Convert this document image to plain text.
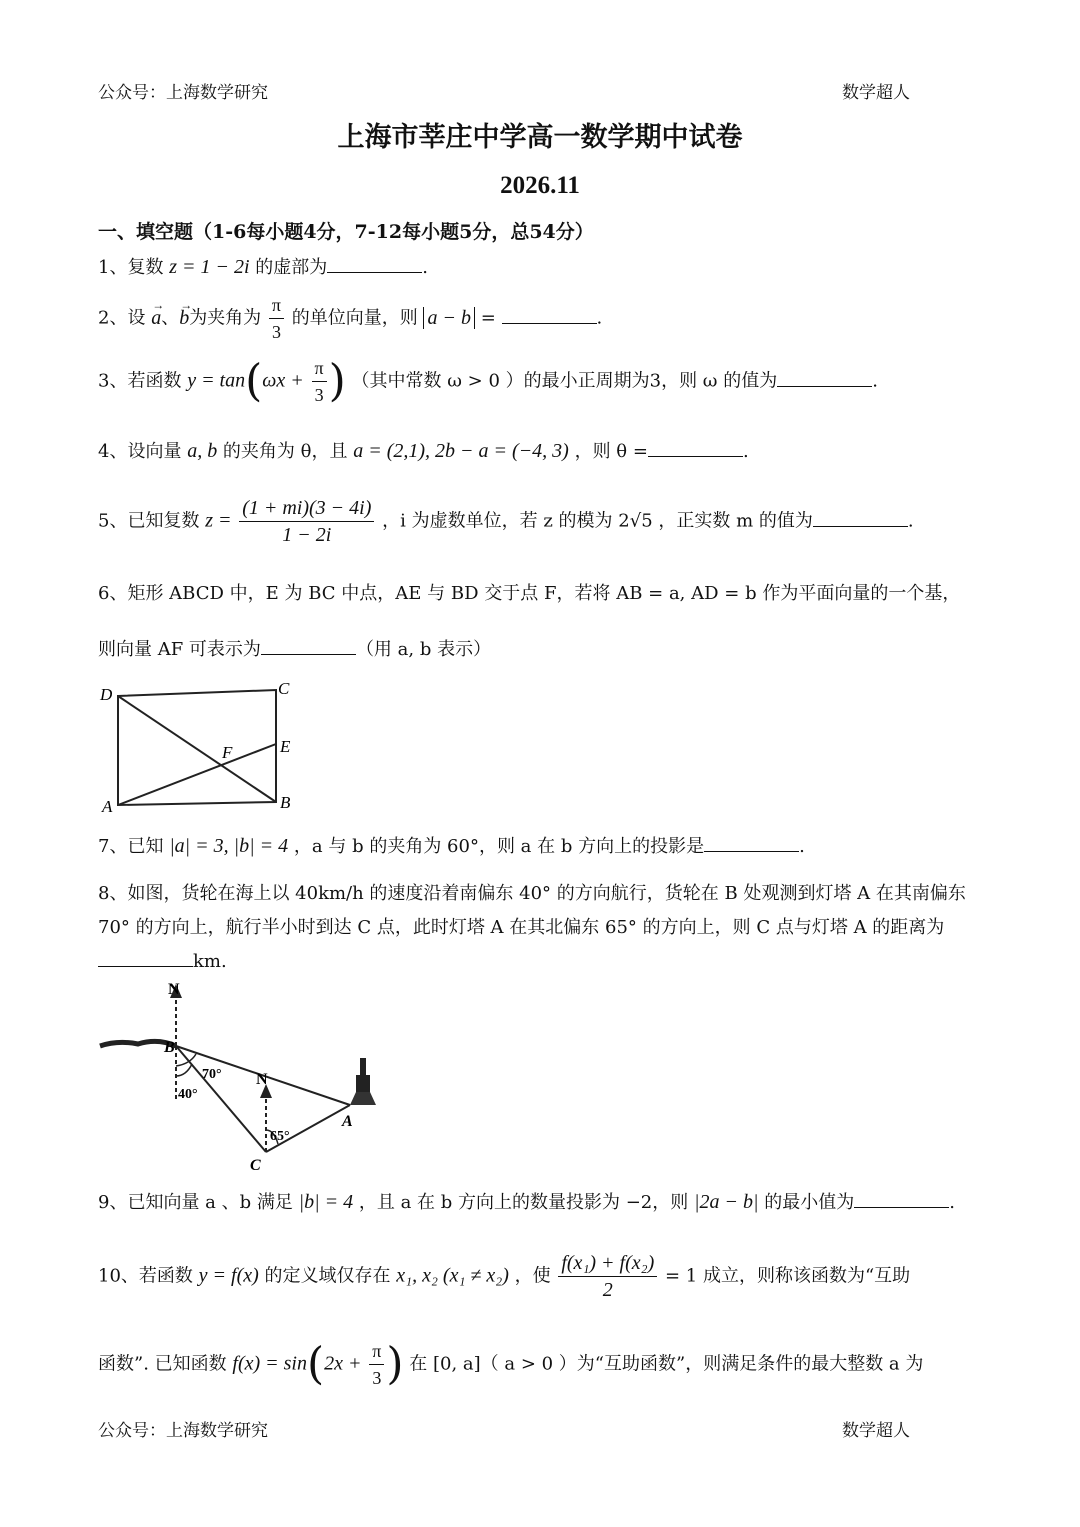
公众号：上海数学研究	数学超人
上海市莘庄中学高一数学期中试卷
2026.11
一、填空题（1-6每小题4分，7-12每小题5分，总54分）
1、复数 z = 1 − 2i 的虚部为	.
2、设 → a、→ b为夹角为 $\frac{\pi}{3}$ 的单位向量，则 a − b =	.
3、若函数 $y = \tan(\omega x + \frac{\pi}{3}$ ) （其中常数 ω > 0 ）的最小正周期为3，则 ω 的值为	.
4、设向量 a, b 的夹角为 θ，且 a = (2,1), 2b − a = (−4, 3) ，则 θ =	.
5、已知复数 $z = \frac{(1 + mi)(3 - 4i)}{1 - 2i}$ ，i 为虚数单位，若 z 的模为 2√5 ，正实数 m 的值为	.
6、矩形 ABCD 中，E 为 BC 中点，AE 与 BD 交于点 F，若将 AB = a, AD = b 作为平面向量的一个基，
则向量 AF 可表示为	（用 a, b 表示）
D	C
E
F
A	B
7、已知 |a| = 3, |b| = 4 ，a 与 b 的夹角为 60°，则 a 在 b 方向上的投影是	.
8、如图，货轮在海上以 40km/h 的速度沿着南偏东 40° 的方向航行，货轮在 B 处观测到灯塔 A 在其南偏东
70° 的方向上，航行半小时到达 C 点，此时灯塔 A 在其北偏东 65° 的方向上，则 C 点与灯塔 A 的距离为
km.
N
N
B
70°
40°
65°
C
A
9、已知向量 a 、b 满足 |b| = 4 ，且 a 在 b 方向上的数量投影为 −2，则 |2a − b| 的最小值为	.
10、若函数 y = f(x) 的定义域仅存在 x₁, x₂ (x₁ ≠ x₂) ，使 $\frac{\text{f(x₁) + f(x₂)}}{2} = 1$ 成立，则称该函数为“互助
函数”. 已知函数 $f(x) = \sin(2x + \frac{\pi}{3}$ ) 在 [0, a]（ a > 0 ）为“互助函数”，则满足条件的最大整数 a 为
公众号：上海数学研究	数学超人
